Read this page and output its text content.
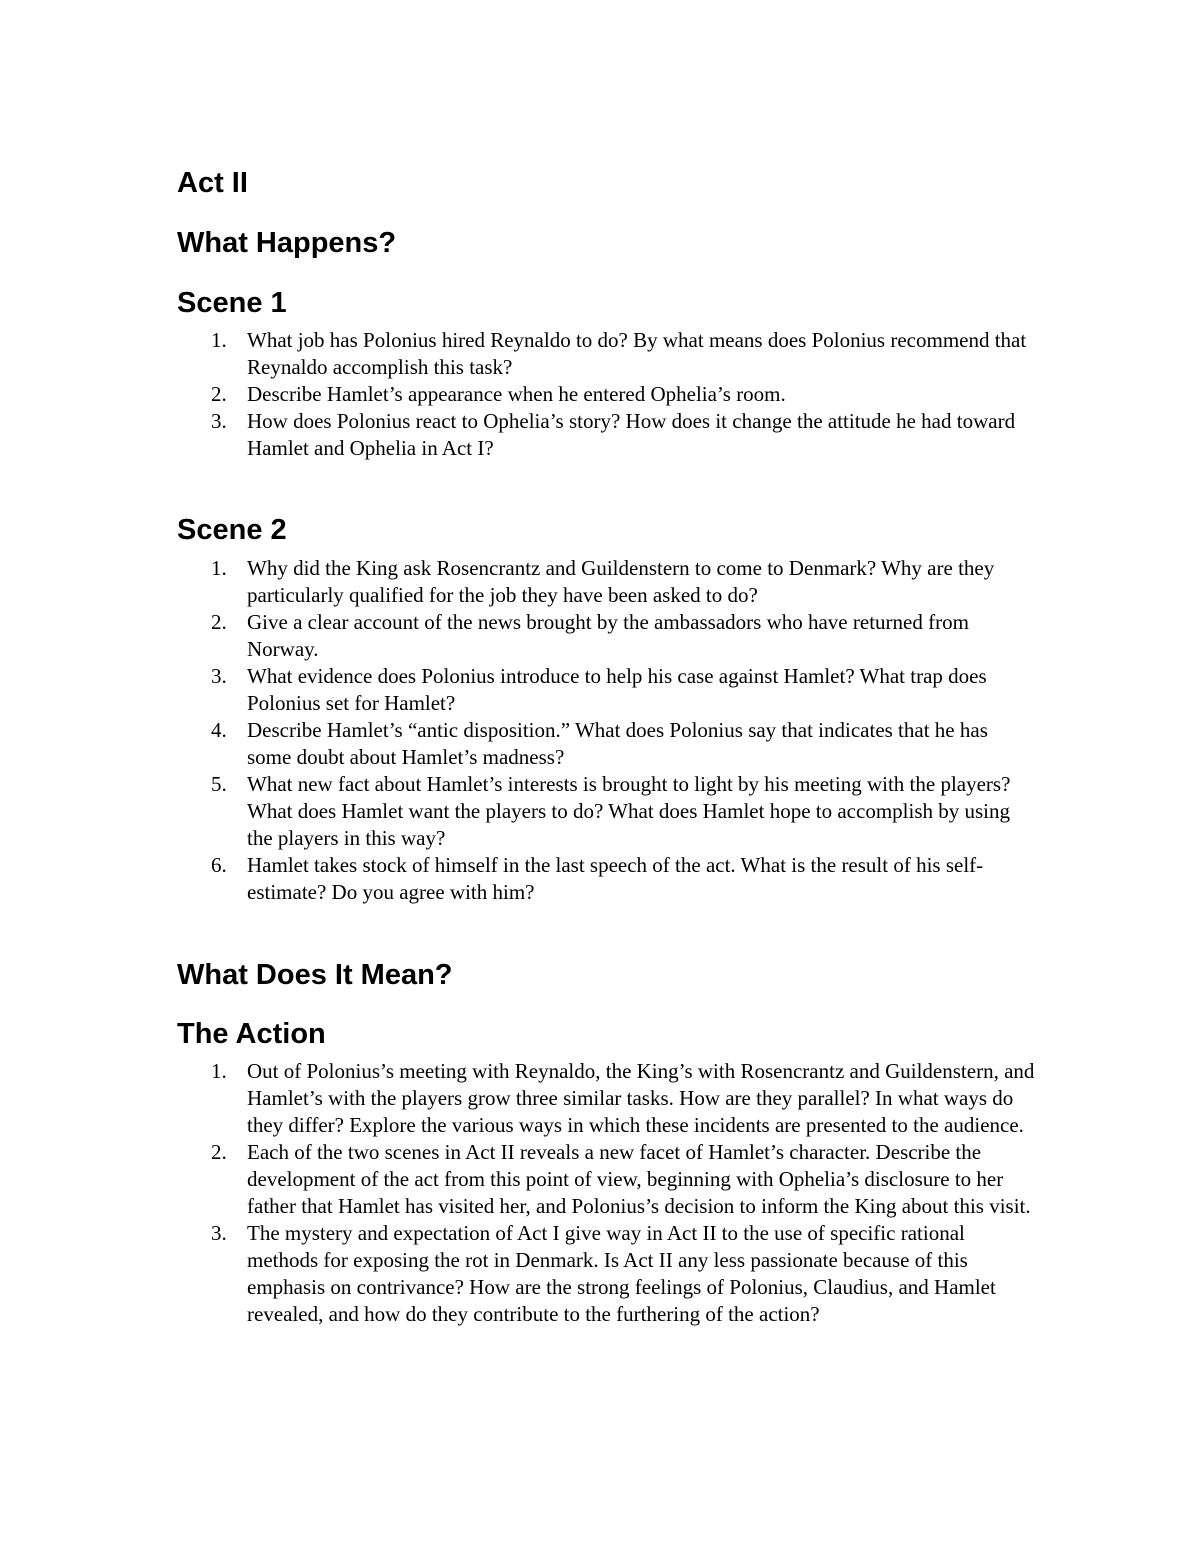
Act II
What Happens?
Scene 1
1. What job has Polonius hired Reynaldo to do? By what means does Polonius recommend that Reynaldo accomplish this task?
2. Describe Hamlet’s appearance when he entered Ophelia’s room.
3. How does Polonius react to Ophelia’s story? How does it change the attitude he had toward Hamlet and Ophelia in Act I?
Scene 2
1. Why did the King ask Rosencrantz and Guildenstern to come to Denmark? Why are they particularly qualified for the job they have been asked to do?
2. Give a clear account of the news brought by the ambassadors who have returned from Norway.
3. What evidence does Polonius introduce to help his case against Hamlet? What trap does Polonius set for Hamlet?
4. Describe Hamlet’s “antic disposition.” What does Polonius say that indicates that he has some doubt about Hamlet’s madness?
5. What new fact about Hamlet’s interests is brought to light by his meeting with the players? What does Hamlet want the players to do? What does Hamlet hope to accomplish by using the players in this way?
6. Hamlet takes stock of himself in the last speech of the act. What is the result of his self-estimate? Do you agree with him?
What Does It Mean?
The Action
1. Out of Polonius’s meeting with Reynaldo, the King’s with Rosencrantz and Guildenstern, and Hamlet’s with the players grow three similar tasks. How are they parallel? In what ways do they differ? Explore the various ways in which these incidents are presented to the audience.
2. Each of the two scenes in Act II reveals a new facet of Hamlet’s character. Describe the development of the act from this point of view, beginning with Ophelia’s disclosure to her father that Hamlet has visited her, and Polonius’s decision to inform the King about this visit.
3. The mystery and expectation of Act I give way in Act II to the use of specific rational methods for exposing the rot in Denmark. Is Act II any less passionate because of this emphasis on contrivance? How are the strong feelings of Polonius, Claudius, and Hamlet revealed, and how do they contribute to the furthering of the action?
